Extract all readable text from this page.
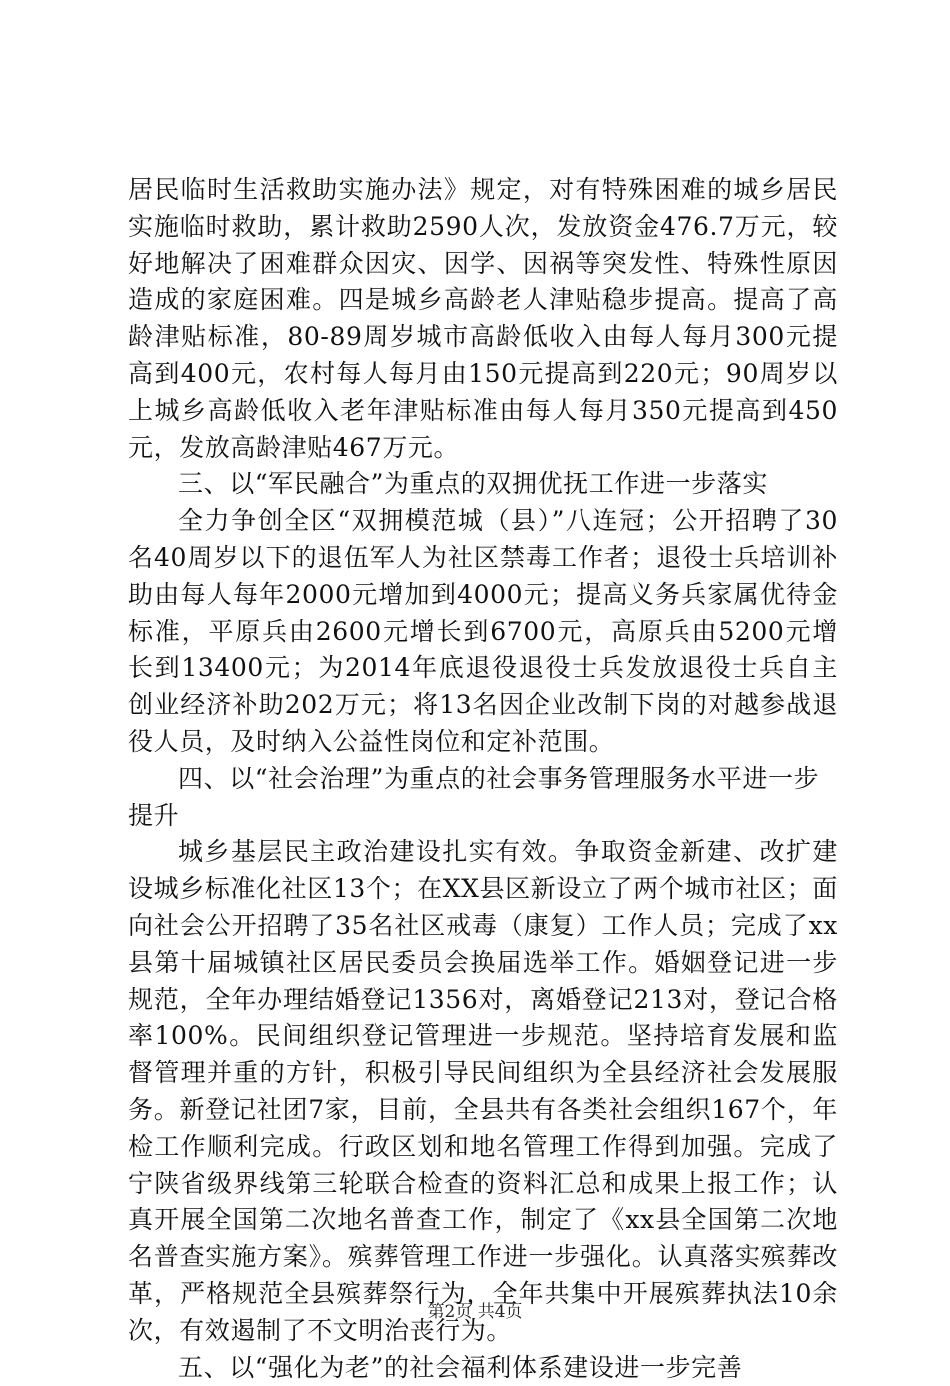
居民临时生活救助实施办法》规定，对有特殊困难的城乡居民实施临时救助，累计救助2590人次，发放资金476.7万元，较好地解决了困难群众因灾、因学、因祸等突发性、特殊性原因造成的家庭困难。四是城乡高龄老人津贴稳步提高。提高了高龄津贴标准，80-89周岁城市高龄低收入由每人每月300元提高到400元，农村每人每月由150元提高到220元；90周岁以上城乡高龄低收入老年津贴标准由每人每月350元提高到450元，发放高龄津贴467万元。

三、以“军民融合”为重点的双拥优抚工作进一步落实

全力争创全区“双拥模范城（县）”八连冠；公开招聘了30名40周岁以下的退伍军人为社区禁毒工作者；退役士兵培训补助由每人每年2000元增加到4000元；提高义务兵家属优待金标准，平原兵由2600元增长到6700元，高原兵由5200元增长到13400元；为2014年底退役退役士兵发放退役士兵自主创业经济补助202万元；将13名因企业改制下岗的对越参战退役人员，及时纳入公益性岗位和定补范围。

四、以“社会治理”为重点的社会事务管理服务水平进一步提升

城乡基层民主政治建设扎实有效。争取资金新建、改扩建设城乡标准化社区13个；在XX县区新设立了两个城市社区；面向社会公开招聘了35名社区戒毒（康复）工作人员；完成了xx县第十届城镇社区居民委员会换届选举工作。婚姻登记进一步规范，全年办理结婚登记1356对，离婚登记213对，登记合格率100%。民间组织登记管理进一步规范。坚持培育发展和监督管理并重的方针，积极引导民间组织为全县经济社会发展服务。新登记社团7家，目前，全县共有各类社会组织167个，年检工作顺利完成。行政区划和地名管理工作得到加强。完成了宁陕省级界线第三轮联合检查的资料汇总和成果上报工作；认真开展全国第二次地名普查工作，制定了《xx县全国第二次地名普查实施方案》。殡葬管理工作进一步强化。认真落实殡葬改革，严格规范全县殡葬祭行为，全年共集中开展殡葬执法10余次，有效遏制了不文明治丧行为。

五、以“强化为老”的社会福利体系建设进一步完善

第2页 共4页
